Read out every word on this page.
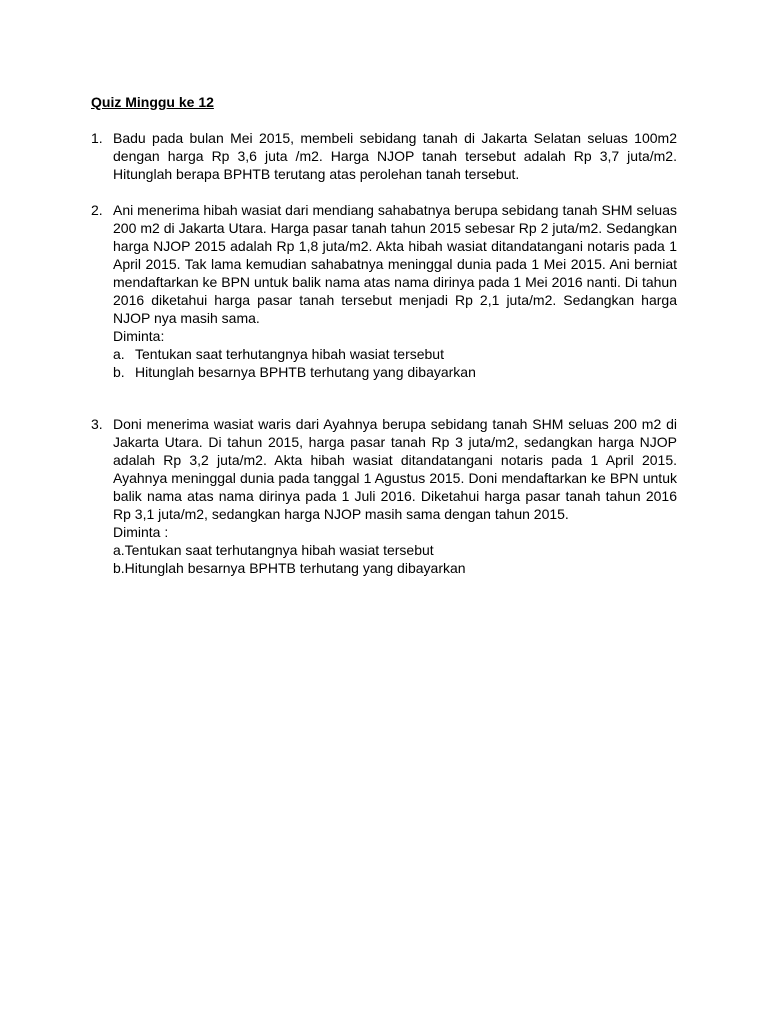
Quiz Minggu ke 12
1. Badu pada bulan Mei 2015, membeli sebidang tanah di Jakarta Selatan seluas 100m2 dengan harga Rp 3,6 juta /m2. Harga NJOP tanah tersebut adalah Rp 3,7 juta/m2. Hitunglah berapa BPHTB terutang atas perolehan tanah tersebut.

2. Ani menerima hibah wasiat dari mendiang sahabatnya berupa sebidang tanah SHM seluas 200 m2 di Jakarta Utara. Harga pasar tanah tahun 2015 sebesar Rp 2 juta/m2. Sedangkan harga NJOP 2015 adalah Rp 1,8 juta/m2. Akta hibah wasiat ditandatangani notaris pada 1 April 2015. Tak lama kemudian sahabatnya meninggal dunia pada 1 Mei 2015. Ani berniat mendaftarkan ke BPN untuk balik nama atas nama dirinya pada 1 Mei 2016 nanti. Di tahun 2016 diketahui harga pasar tanah tersebut menjadi Rp 2,1 juta/m2. Sedangkan harga NJOP nya masih sama.

Diminta:

a. Tentukan saat terhutangnya hibah wasiat tersebut
b. Hitunglah besarnya BPHTB terhutang yang dibayarkan
3. Doni menerima wasiat waris dari Ayahnya berupa sebidang tanah SHM seluas 200 m2 di Jakarta Utara. Di tahun 2015, harga pasar tanah Rp 3 juta/m2, sedangkan harga NJOP adalah Rp 3,2 juta/m2. Akta hibah wasiat ditandatangani notaris pada 1 April 2015. Ayahnya meninggal dunia pada tanggal 1 Agustus 2015. Doni mendaftarkan ke BPN untuk balik nama atas nama dirinya pada 1 Juli 2016. Diketahui harga pasar tanah tahun 2016 Rp 3,1 juta/m2, sedangkan harga NJOP masih sama dengan tahun 2015.

Diminta :

a.Tentukan saat terhutangnya hibah wasiat tersebut

b.Hitunglah besarnya BPHTB terhutang yang dibayarkan
